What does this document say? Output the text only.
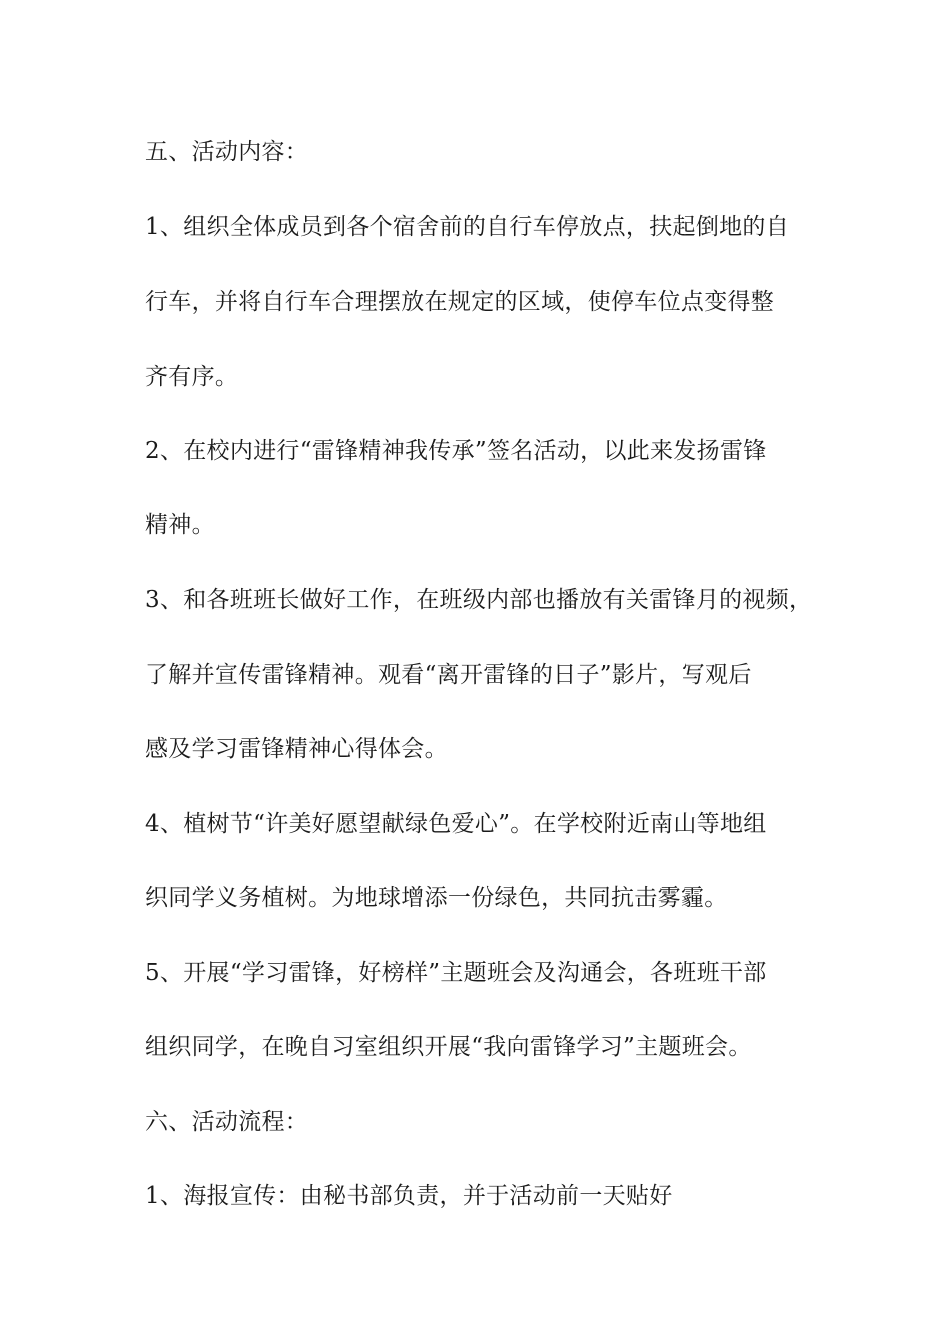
五、活动内容：
1、组织全体成员到各个宿舍前的自行车停放点，扶起倒地的自
行车，并将自行车合理摆放在规定的区域，使停车位点变得整
齐有序。
2、在校内进行“雷锋精神我传承”签名活动，以此来发扬雷锋
精神。
3、和各班班长做好工作，在班级内部也播放有关雷锋月的视频，
了解并宣传雷锋精神。观看“离开雷锋的日子”影片，写观后
感及学习雷锋精神心得体会。
4、植树节“许美好愿望献绿色爱心”。在学校附近南山等地组
织同学义务植树。为地球增添一份绿色，共同抗击雾霾。
5、开展“学习雷锋，好榜样”主题班会及沟通会，各班班干部
组织同学，在晚自习室组织开展“我向雷锋学习”主题班会。
六、活动流程：
1、海报宣传：由秘书部负责，并于活动前一天贴好
